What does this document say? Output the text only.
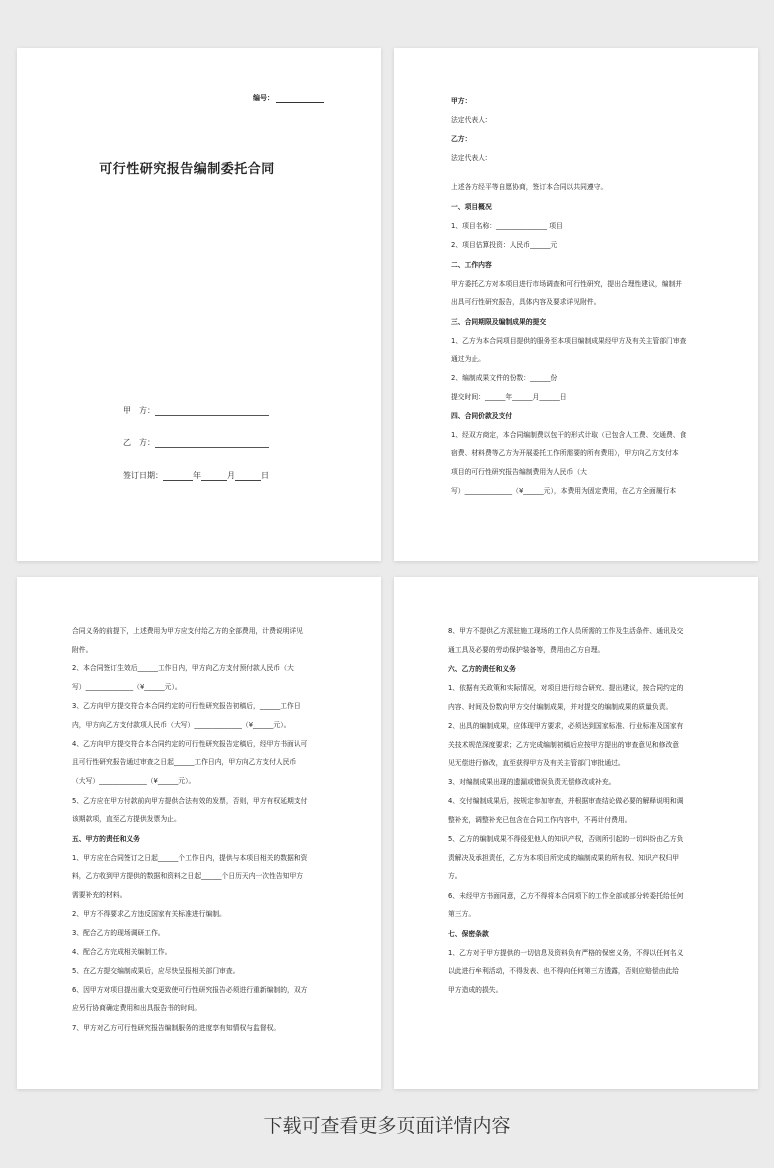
编号：
可行性研究报告编制委托合同
甲　方：
乙　方：
签订日期：	年	月	日
甲方：
法定代表人:
乙方：
法定代表人:
上述各方经平等自愿协商，签订本合同以共同遵守。
一、项目概况
1、项目名称：_______________ 项目
2、项目估算投资：人民币______元
二、工作内容
甲方委托乙方对本项目进行市场调查和可行性研究，提出合理性建议，编制并
出具可行性研究报告，具体内容及要求详见附件。
三、合同期限及编制成果的提交
1、乙方为本合同项目提供的服务至本项目编制成果经甲方及有关主管部门审查
通过为止。
2、编制成果文件的份数：______份
提交时间：______年______月______日
四、合同价款及支付
1、经双方商定，本合同编制费以包干的形式计取（已包含人工费、交通费、食
宿费、材料费等乙方为开展委托工作所需要的所有费用），甲方向乙方支付本
项目的可行性研究报告编制费用为人民币（大
写）______________（¥______元），本费用为固定费用，在乙方全面履行本
合同义务的前提下，上述费用为甲方应支付给乙方的全部费用，计费说明详见
附件。
2、本合同签订生效后______工作日内，甲方向乙方支付预付款人民币（大
写）______________（¥______元）。
3、乙方向甲方提交符合本合同约定的可行性研究报告初稿后，______工作日
内，甲方向乙方支付款项人民币（大写）______________（¥______元）。
4、乙方向甲方提交符合本合同约定的可行性研究报告定稿后，经甲方书面认可
且可行性研究报告通过审查之日起______工作日内，甲方向乙方支付人民币
（大写）______________（¥______元）。
5、乙方应在甲方付款前向甲方提供合法有效的发票，否则，甲方有权延期支付
该期款项，直至乙方提供发票为止。
五、甲方的责任和义务
1、甲方应在合同签订之日起______个工作日内，提供与本项目相关的数据和资
料，乙方收到甲方提供的数据和资料之日起______个日历天内一次性告知甲方
需要补充的材料。
2、甲方不得要求乙方违反国家有关标准进行编制。
3、配合乙方的现场调研工作。
4、配合乙方完成相关编制工作。
5、在乙方提交编制成果后，应尽快呈报相关部门审查。
6、因甲方对项目提出重大变更致使可行性研究报告必须进行重新编制的，双方
应另行协商确定费用和出具报告书的时间。
7、甲方对乙方可行性研究报告编制服务的进度享有知情权与监督权。
8、甲方不提供乙方派驻施工现场的工作人员所需的工作及生活条件、通讯及交
通工具及必要的劳动保护装备等，费用由乙方自理。
六、乙方的责任和义务
1、依据有关政策和实际情况，对项目进行综合研究、提出建议，按合同约定的
内容、时间及份数向甲方交付编制成果，并对提交的编制成果的质量负责。
2、出具的编制成果，应体现甲方要求，必须达到国家标准、行业标准及国家有
关技术规范深度要求；乙方完成编制初稿后应按甲方提出的审查意见和修改意
见无偿进行修改，直至获得甲方及有关主管部门审批通过。
3、对编制成果出现的遗漏或错误负责无偿修改或补充。
4、交付编制成果后，按规定参加审查，并根据审查结论做必要的解释说明和调
整补充，调整补充已包含在合同工作内容中，不再计付费用。
5、乙方的编制成果不得侵犯他人的知识产权，否则所引起的一切纠纷由乙方负
责解决及承担责任，乙方为本项目所完成的编制成果的所有权、知识产权归甲
方。
6、未经甲方书面同意，乙方不得将本合同项下的工作全部或部分转委托给任何
第三方。
七、保密条款
1、乙方对于甲方提供的一切信息及资料负有严格的保密义务，不得以任何名义
以此进行牟利活动，不得发表、也不得向任何第三方透露，否则应赔偿由此给
甲方造成的损失。
下载可查看更多页面详情内容
